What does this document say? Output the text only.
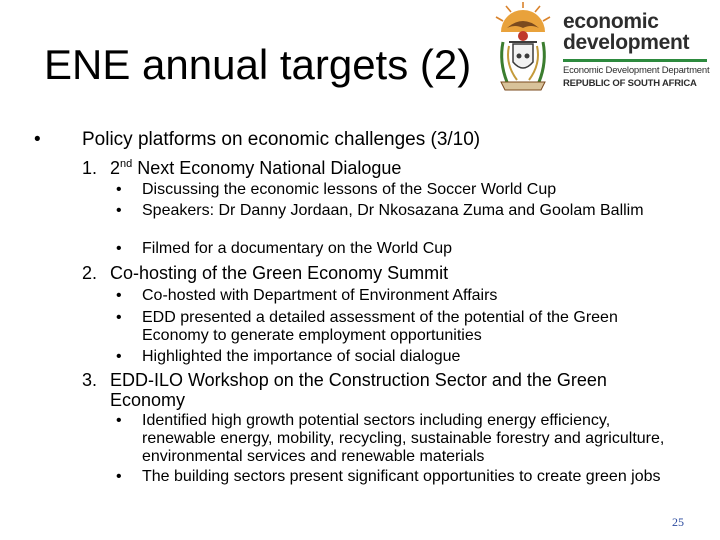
ENE annual targets (2)
economic
development
Economic Development Department
REPUBLIC OF SOUTH AFRICA
• Policy platforms on economic challenges (3/10)
1. 2nd Next Economy National Dialogue
• Discussing the economic lessons of the Soccer World Cup
• Speakers: Dr Danny Jordaan, Dr Nkosazana Zuma and Goolam Ballim
• Filmed for a documentary on the World Cup
2. Co-hosting of the Green Economy Summit
• Co-hosted with Department of Environment Affairs
• EDD presented a detailed assessment of the potential of the Green Economy to generate employment opportunities
• Highlighted the importance of social dialogue
3. EDD-ILO Workshop on the Construction Sector and the Green Economy
• Identified high growth potential sectors including energy efficiency, renewable energy, mobility, recycling, sustainable forestry and agriculture, environmental services and renewable materials
• The building sectors present significant opportunities to create green jobs
25
